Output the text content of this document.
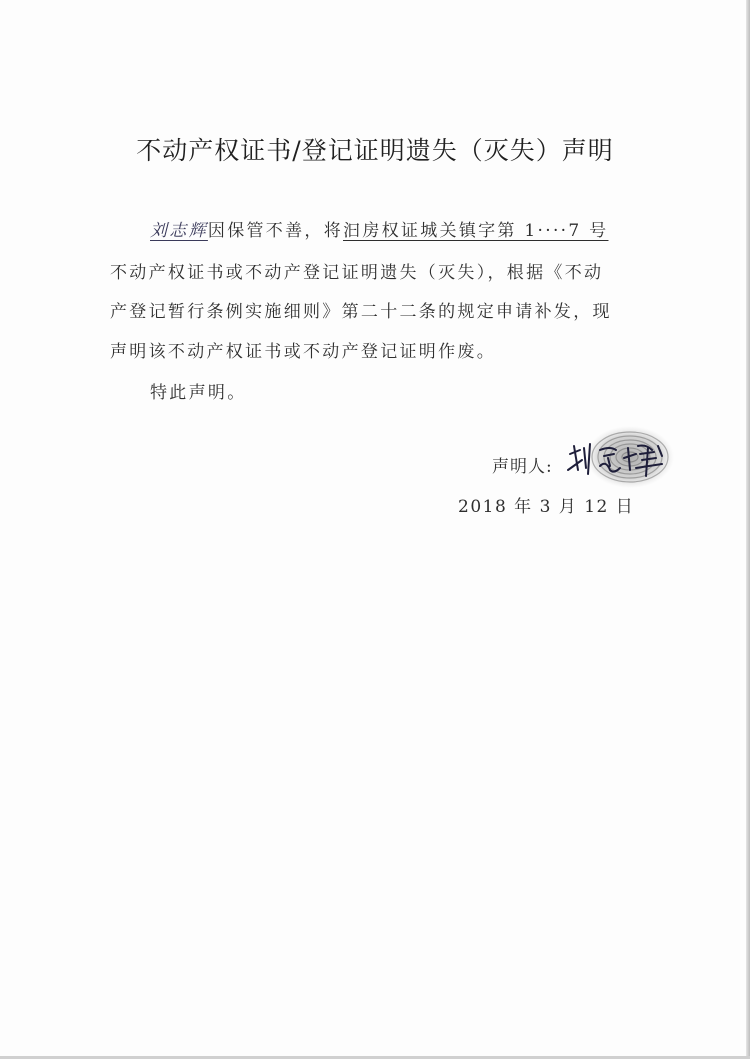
不动产权证书/登记证明遗失（灭失）声明
刘志辉因保管不善，将汩房权证城关镇字第 1····7 号
不动产权证书或不动产登记证明遗失（灭失），根据《不动
产登记暂行条例实施细则》第二十二条的规定申请补发，现
声明该不动产权证书或不动产登记证明作废。
特此声明。
声明人:
2018 年 3 月 12 日
